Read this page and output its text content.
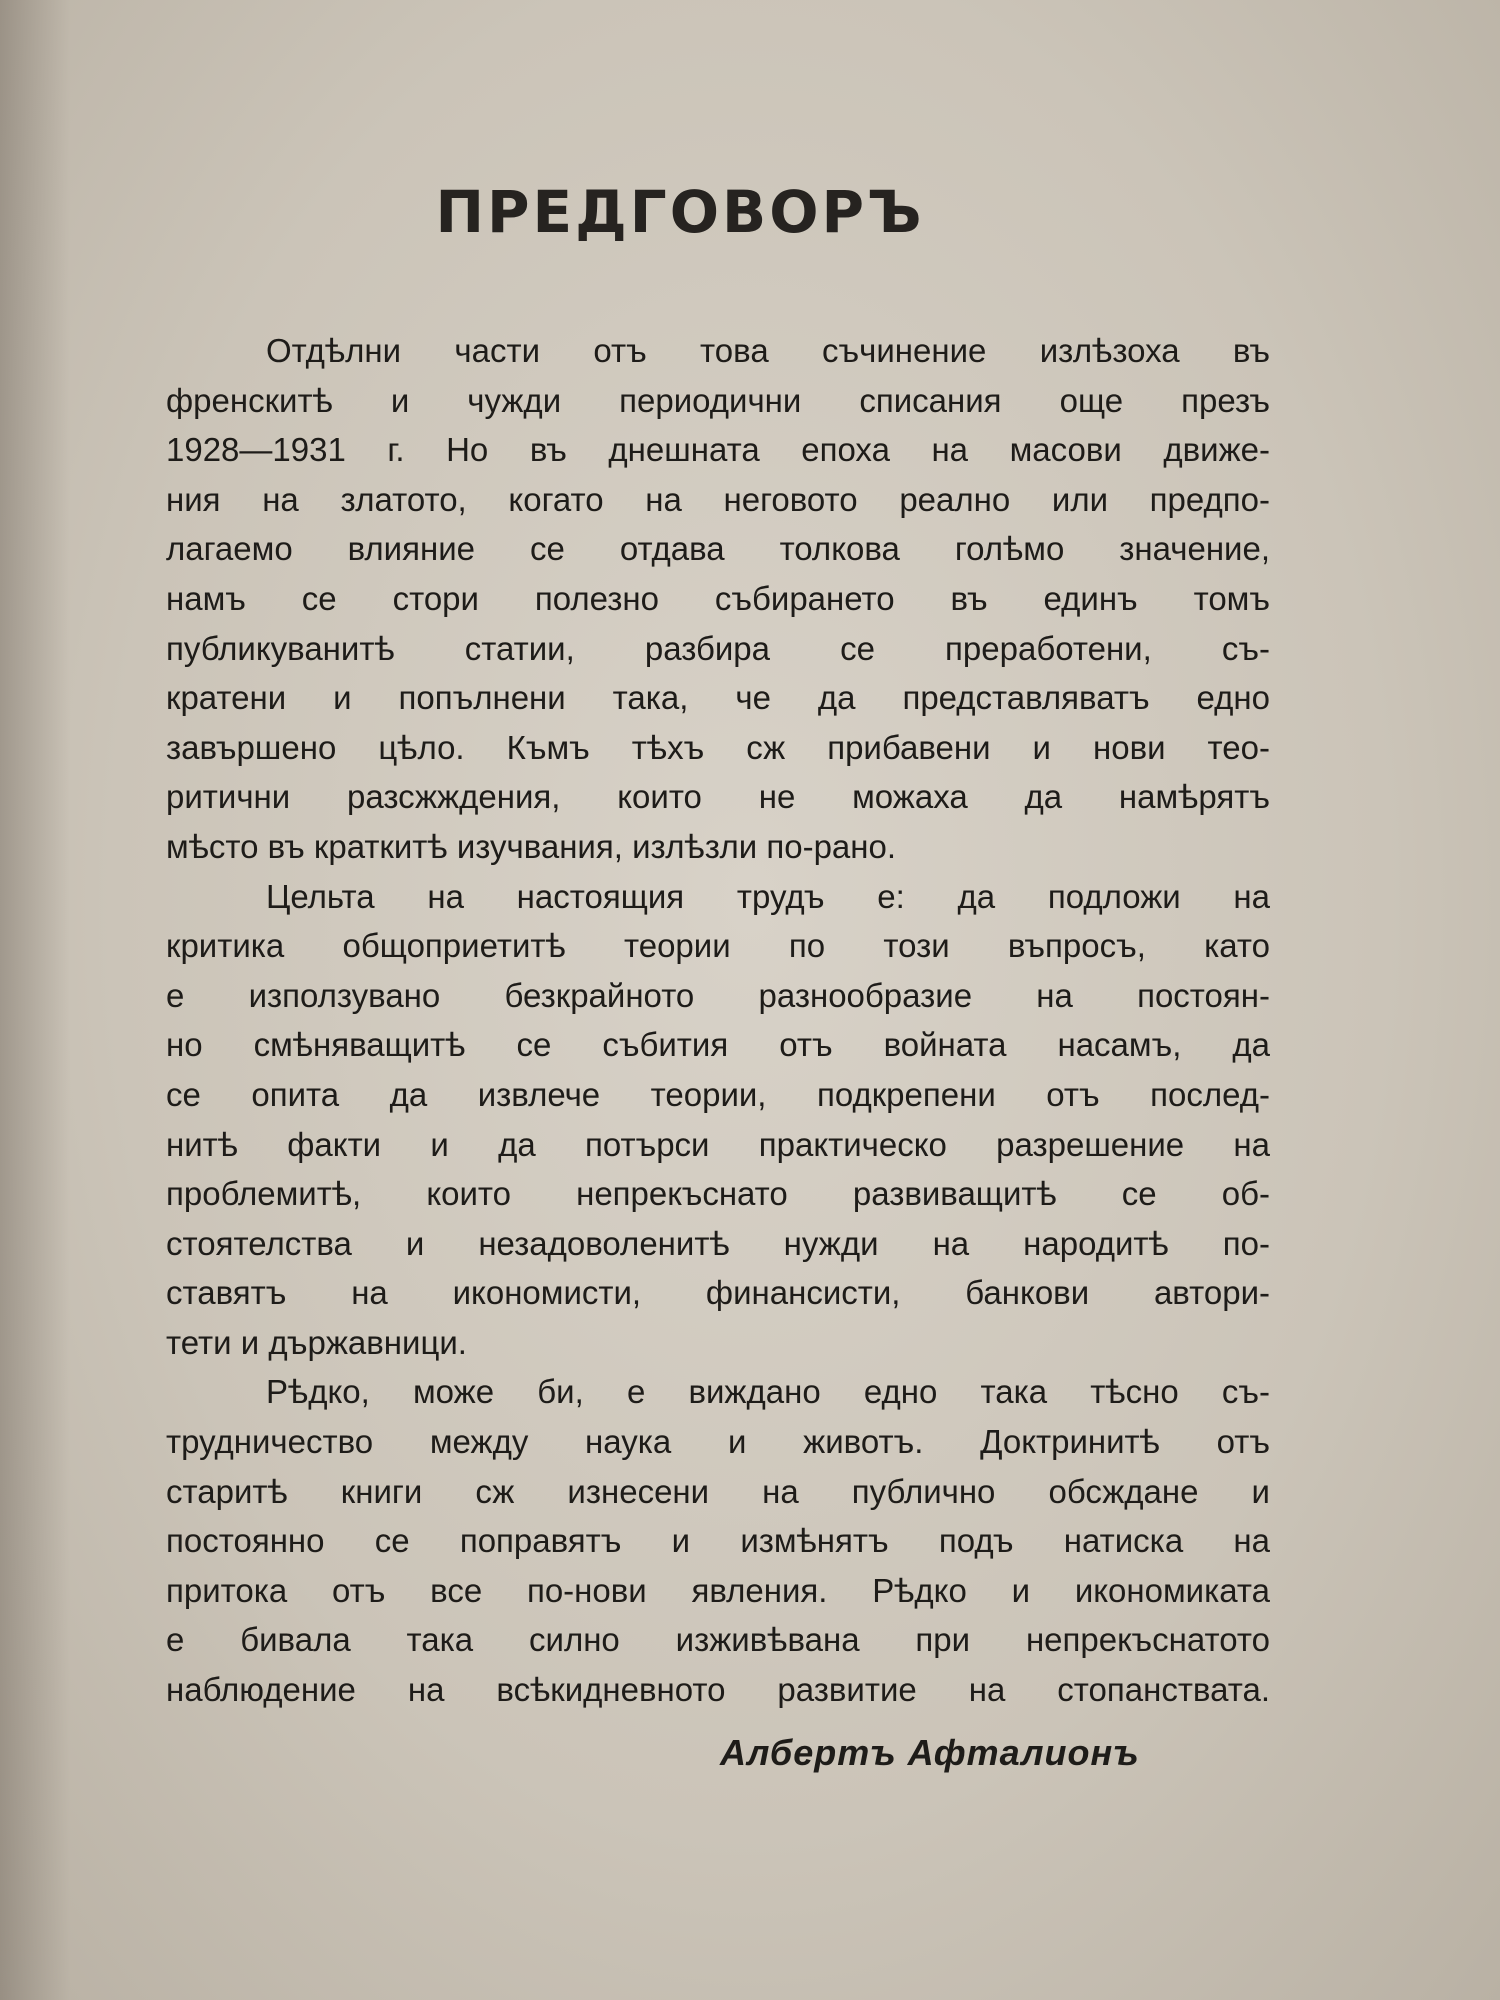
ПРЕДГОВОРЪ
Отдѣлни части отъ това съчинение излѣзоха въ
френскитѣ и чужди периодични списания още презъ
1928—1931 г. Но въ днешната епоха на масови движе-
ния на златото, когато на неговото реално или предпо-
лагаемо влияние се отдава толкова голѣмо значение,
намъ се стори полезно събирането въ единъ томъ
публикуванитѣ статии, разбира се преработени, съ-
кратени и попълнени така, че да представляватъ едно
завършено цѣло. Къмъ тѣхъ сж прибавени и нови тео-
ритични разсжждения, които не можаха да намѣрятъ
мѣсто въ краткитѣ изучвания, излѣзли по-рано.
Цельта на настоящия трудъ е: да подложи на
критика общоприетитѣ теории по този въпросъ, като
е използувано безкрайното разнообразие на постоян-
но смѣняващитѣ се събития отъ войната насамъ, да
се опита да извлече теории, подкрепени отъ послед-
нитѣ факти и да потърси практическо разрешение на
проблемитѣ, които непрекъснато развиващитѣ се об-
стоятелства и незадоволенитѣ нужди на народитѣ по-
ставятъ на икономисти, финансисти, банкови автори-
тети и държавници.
Рѣдко, може би, е виждано едно така тѣсно съ-
трудничество между наука и животъ. Доктринитѣ отъ
старитѣ книги сж изнесени на публично обсждане и
постоянно се поправятъ и измѣнятъ подъ натиска на
притока отъ все по-нови явления. Рѣдко и икономиката
е бивала така силно изживѣвана при непрекъснатото
наблюдение на всѣкидневното развитие на стопанствата.
Албертъ Афталионъ
